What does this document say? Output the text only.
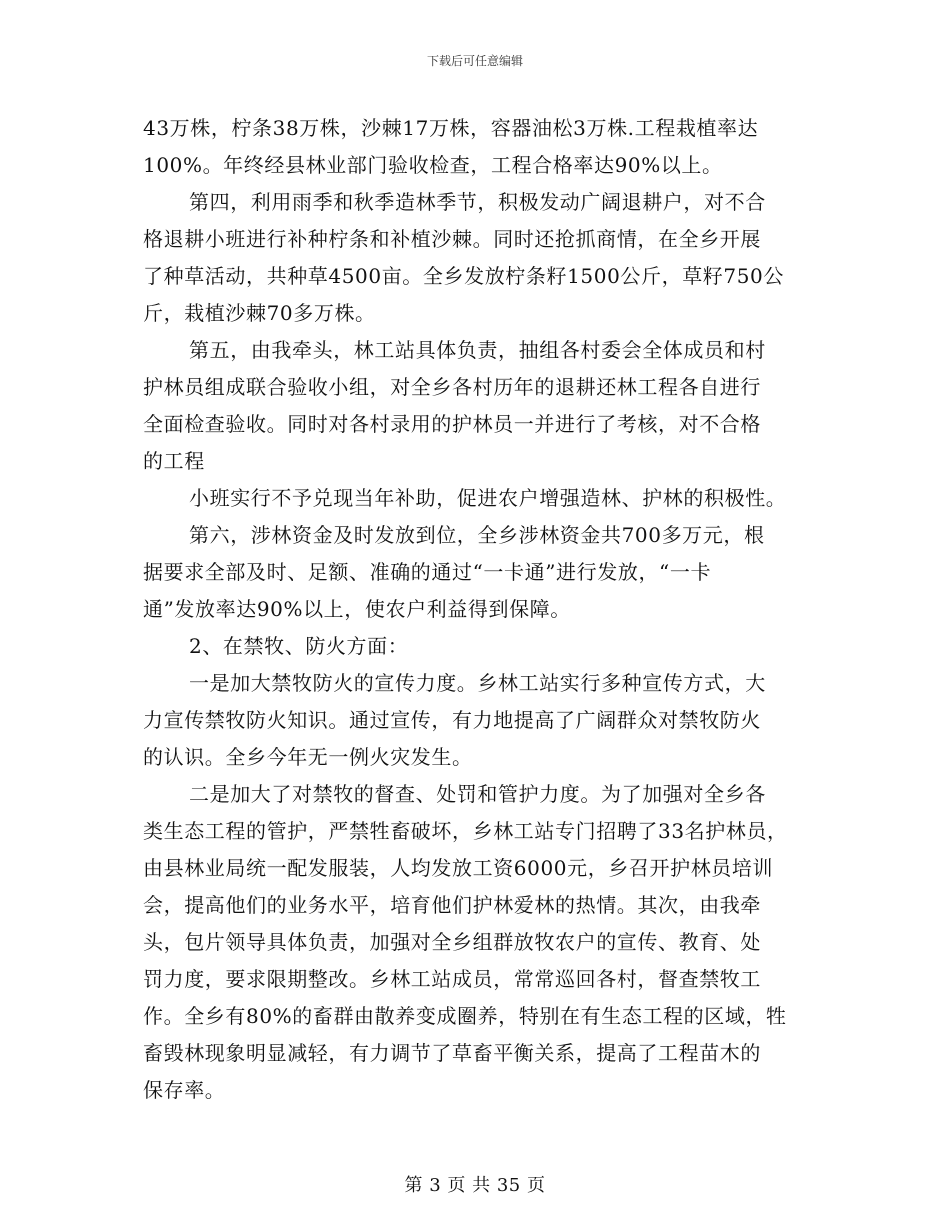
下载后可任意编辑

43万株，柠条38万株，沙棘17万株，容器油松3万株.工程栽植率达

100%。年终经县林业部门验收检查，工程合格率达90%以上。

第四，利用雨季和秋季造林季节，积极发动广阔退耕户，对不合

格退耕小班进行补种柠条和补植沙棘。同时还抢抓商情，在全乡开展

了种草活动，共种草4500亩。全乡发放柠条籽1500公斤，草籽750公

斤，栽植沙棘70多万株。

第五，由我牵头，林工站具体负责，抽组各村委会全体成员和村

护林员组成联合验收小组，对全乡各村历年的退耕还林工程各自进行

全面检查验收。同时对各村录用的护林员一并进行了考核，对不合格

的工程

小班实行不予兑现当年补助，促进农户增强造林、护林的积极性。

第六，涉林资金及时发放到位，全乡涉林资金共700多万元，根

据要求全部及时、足额、准确的通过“一卡通”进行发放，“一卡

通”发放率达90%以上，使农户利益得到保障。

2、在禁牧、防火方面：

一是加大禁牧防火的宣传力度。乡林工站实行多种宣传方式，大

力宣传禁牧防火知识。通过宣传，有力地提高了广阔群众对禁牧防火

的认识。全乡今年无一例火灾发生。

二是加大了对禁牧的督查、处罚和管护力度。为了加强对全乡各

类生态工程的管护，严禁牲畜破坏，乡林工站专门招聘了33名护林员，

由县林业局统一配发服装，人均发放工资6000元，乡召开护林员培训

会，提高他们的业务水平，培育他们护林爱林的热情。其次，由我牵

头，包片领导具体负责，加强对全乡组群放牧农户的宣传、教育、处

罚力度，要求限期整改。乡林工站成员，常常巡回各村，督查禁牧工

作。全乡有80%的畜群由散养变成圈养，特别在有生态工程的区域，牲

畜毁林现象明显减轻，有力调节了草畜平衡关系，提高了工程苗木的

保存率。

第 3 页 共 35 页
